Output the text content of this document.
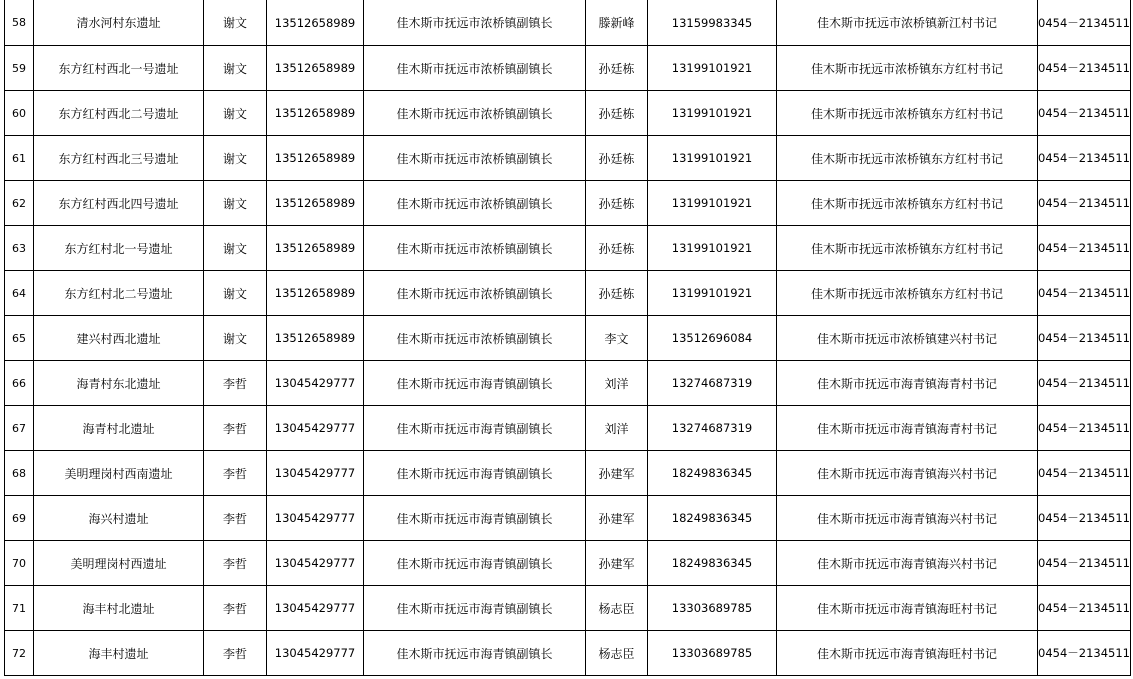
58	清水河村东遗址	谢文	13512658989	佳木斯市抚远市浓桥镇副镇长	滕新峰	13159983345	佳木斯市抚远市浓桥镇新江村书记	0454－2134511
59	东方红村西北一号遗址	谢文	13512658989	佳木斯市抚远市浓桥镇副镇长	孙廷栋	13199101921	佳木斯市抚远市浓桥镇东方红村书记	0454－2134511
60	东方红村西北二号遗址	谢文	13512658989	佳木斯市抚远市浓桥镇副镇长	孙廷栋	13199101921	佳木斯市抚远市浓桥镇东方红村书记	0454－2134511
61	东方红村西北三号遗址	谢文	13512658989	佳木斯市抚远市浓桥镇副镇长	孙廷栋	13199101921	佳木斯市抚远市浓桥镇东方红村书记	0454－2134511
62	东方红村西北四号遗址	谢文	13512658989	佳木斯市抚远市浓桥镇副镇长	孙廷栋	13199101921	佳木斯市抚远市浓桥镇东方红村书记	0454－2134511
63	东方红村北一号遗址	谢文	13512658989	佳木斯市抚远市浓桥镇副镇长	孙廷栋	13199101921	佳木斯市抚远市浓桥镇东方红村书记	0454－2134511
64	东方红村北二号遗址	谢文	13512658989	佳木斯市抚远市浓桥镇副镇长	孙廷栋	13199101921	佳木斯市抚远市浓桥镇东方红村书记	0454－2134511
65	建兴村西北遗址	谢文	13512658989	佳木斯市抚远市浓桥镇副镇长	李文	13512696084	佳木斯市抚远市浓桥镇建兴村书记	0454－2134511
66	海青村东北遗址	李哲	13045429777	佳木斯市抚远市海青镇副镇长	刘洋	13274687319	佳木斯市抚远市海青镇海青村书记	0454－2134511
67	海青村北遗址	李哲	13045429777	佳木斯市抚远市海青镇副镇长	刘洋	13274687319	佳木斯市抚远市海青镇海青村书记	0454－2134511
68	美明理岗村西南遗址	李哲	13045429777	佳木斯市抚远市海青镇副镇长	孙建军	18249836345	佳木斯市抚远市海青镇海兴村书记	0454－2134511
69	海兴村遗址	李哲	13045429777	佳木斯市抚远市海青镇副镇长	孙建军	18249836345	佳木斯市抚远市海青镇海兴村书记	0454－2134511
70	美明理岗村西遗址	李哲	13045429777	佳木斯市抚远市海青镇副镇长	孙建军	18249836345	佳木斯市抚远市海青镇海兴村书记	0454－2134511
71	海丰村北遗址	李哲	13045429777	佳木斯市抚远市海青镇副镇长	杨志臣	13303689785	佳木斯市抚远市海青镇海旺村书记	0454－2134511
72	海丰村遗址	李哲	13045429777	佳木斯市抚远市海青镇副镇长	杨志臣	13303689785	佳木斯市抚远市海青镇海旺村书记	0454－2134511
